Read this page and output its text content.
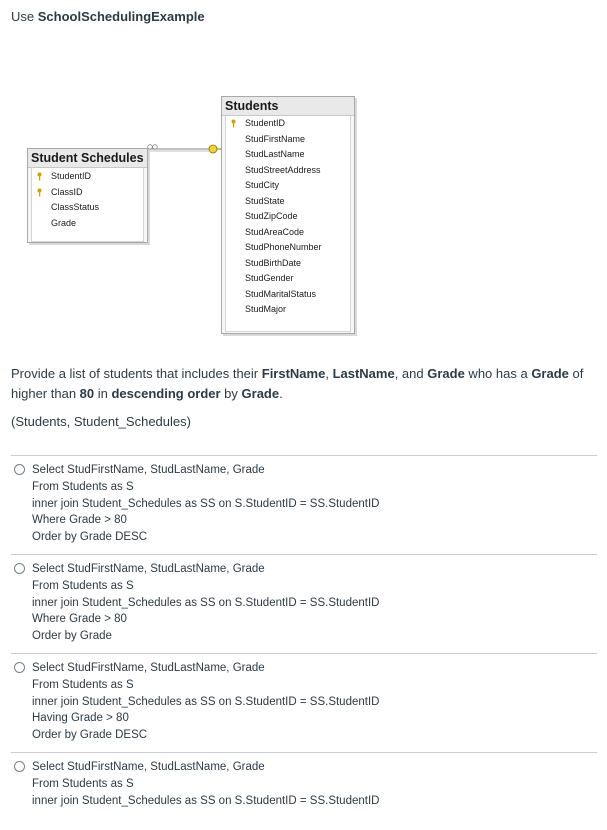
Use SchoolSchedulingExample
Student Schedules
StudentID
ClassID
ClassStatus
Grade
Students
StudentID
StudFirstName
StudLastName
StudStreetAddress
StudCity
StudState
StudZipCode
StudAreaCode
StudPhoneNumber
StudBirthDate
StudGender
StudMaritalStatus
StudMajor
Provide a list of students that includes their FirstName, LastName, and Grade who has a Grade of higher than 80 in descending order by Grade.
(Students, Student_Schedules)
Select StudFirstName, StudLastName, Grade
From Students as S
inner join Student_Schedules as SS on S.StudentID = SS.StudentID
Where Grade > 80
Order by Grade DESC
Select StudFirstName, StudLastName, Grade
From Students as S
inner join Student_Schedules as SS on S.StudentID = SS.StudentID
Where Grade > 80
Order by Grade
Select StudFirstName, StudLastName, Grade
From Students as S
inner join Student_Schedules as SS on S.StudentID = SS.StudentID
Having Grade > 80
Order by Grade DESC
Select StudFirstName, StudLastName, Grade
From Students as S
inner join Student_Schedules as SS on S.StudentID = SS.StudentID
